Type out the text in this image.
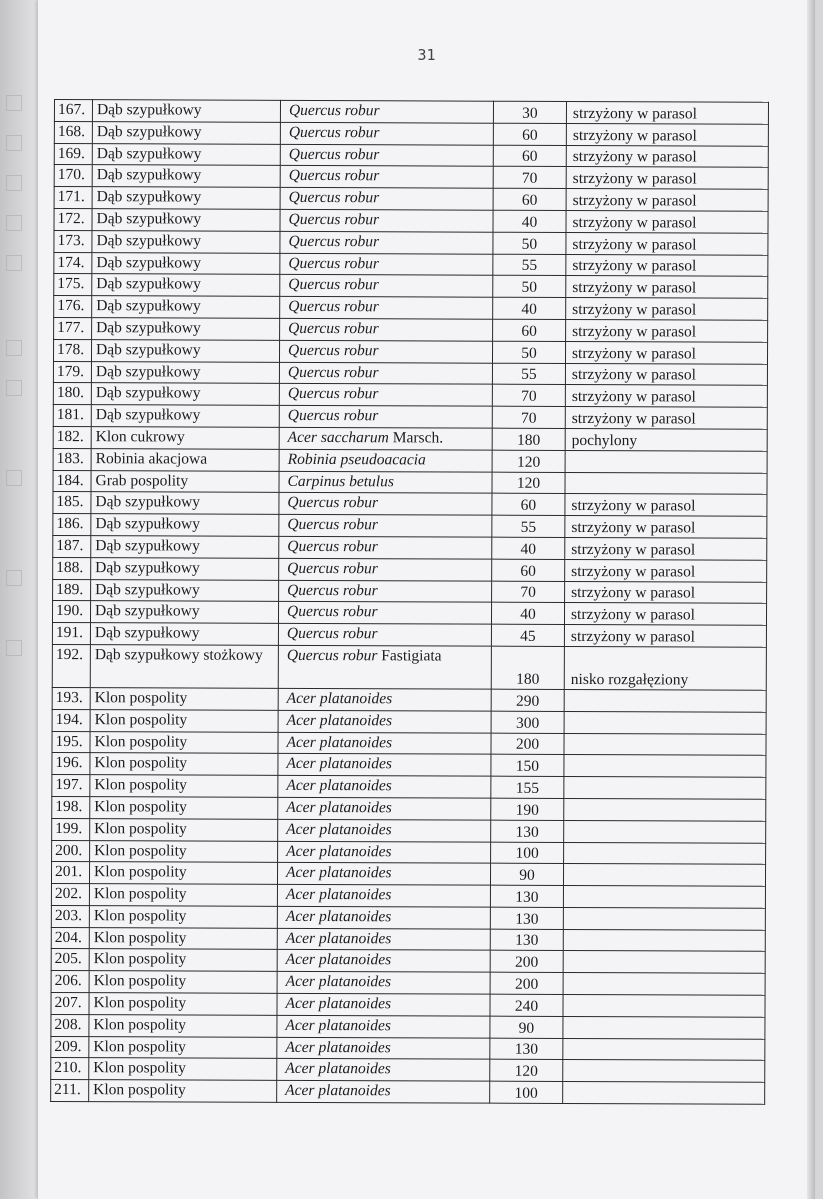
31
167.	Dąb szypułkowy	Quercus robur	30	strzyżony w parasol
168.	Dąb szypułkowy	Quercus robur	60	strzyżony w parasol
169.	Dąb szypułkowy	Quercus robur	60	strzyżony w parasol
170.	Dąb szypułkowy	Quercus robur	70	strzyżony w parasol
171.	Dąb szypułkowy	Quercus robur	60	strzyżony w parasol
172.	Dąb szypułkowy	Quercus robur	40	strzyżony w parasol
173.	Dąb szypułkowy	Quercus robur	50	strzyżony w parasol
174.	Dąb szypułkowy	Quercus robur	55	strzyżony w parasol
175.	Dąb szypułkowy	Quercus robur	50	strzyżony w parasol
176.	Dąb szypułkowy	Quercus robur	40	strzyżony w parasol
177.	Dąb szypułkowy	Quercus robur	60	strzyżony w parasol
178.	Dąb szypułkowy	Quercus robur	50	strzyżony w parasol
179.	Dąb szypułkowy	Quercus robur	55	strzyżony w parasol
180.	Dąb szypułkowy	Quercus robur	70	strzyżony w parasol
181.	Dąb szypułkowy	Quercus robur	70	strzyżony w parasol
182.	Klon cukrowy	Acer saccharum Marsch.	180	pochylony
183.	Robinia akacjowa	Robinia pseudoacacia	120	
184.	Grab pospolity	Carpinus betulus	120	
185.	Dąb szypułkowy	Quercus robur	60	strzyżony w parasol
186.	Dąb szypułkowy	Quercus robur	55	strzyżony w parasol
187.	Dąb szypułkowy	Quercus robur	40	strzyżony w parasol
188.	Dąb szypułkowy	Quercus robur	60	strzyżony w parasol
189.	Dąb szypułkowy	Quercus robur	70	strzyżony w parasol
190.	Dąb szypułkowy	Quercus robur	40	strzyżony w parasol
191.	Dąb szypułkowy	Quercus robur	45	strzyżony w parasol
192.	Dąb szypułkowy stożkowy	Quercus robur Fastigiata	180	nisko rozgałęziony
193.	Klon pospolity	Acer platanoides	290	
194.	Klon pospolity	Acer platanoides	300	
195.	Klon pospolity	Acer platanoides	200	
196.	Klon pospolity	Acer platanoides	150	
197.	Klon pospolity	Acer platanoides	155	
198.	Klon pospolity	Acer platanoides	190	
199.	Klon pospolity	Acer platanoides	130	
200.	Klon pospolity	Acer platanoides	100	
201.	Klon pospolity	Acer platanoides	90	
202.	Klon pospolity	Acer platanoides	130	
203.	Klon pospolity	Acer platanoides	130	
204.	Klon pospolity	Acer platanoides	130	
205.	Klon pospolity	Acer platanoides	200	
206.	Klon pospolity	Acer platanoides	200	
207.	Klon pospolity	Acer platanoides	240	
208.	Klon pospolity	Acer platanoides	90	
209.	Klon pospolity	Acer platanoides	130	
210.	Klon pospolity	Acer platanoides	120	
211.	Klon pospolity	Acer platanoides	100	
